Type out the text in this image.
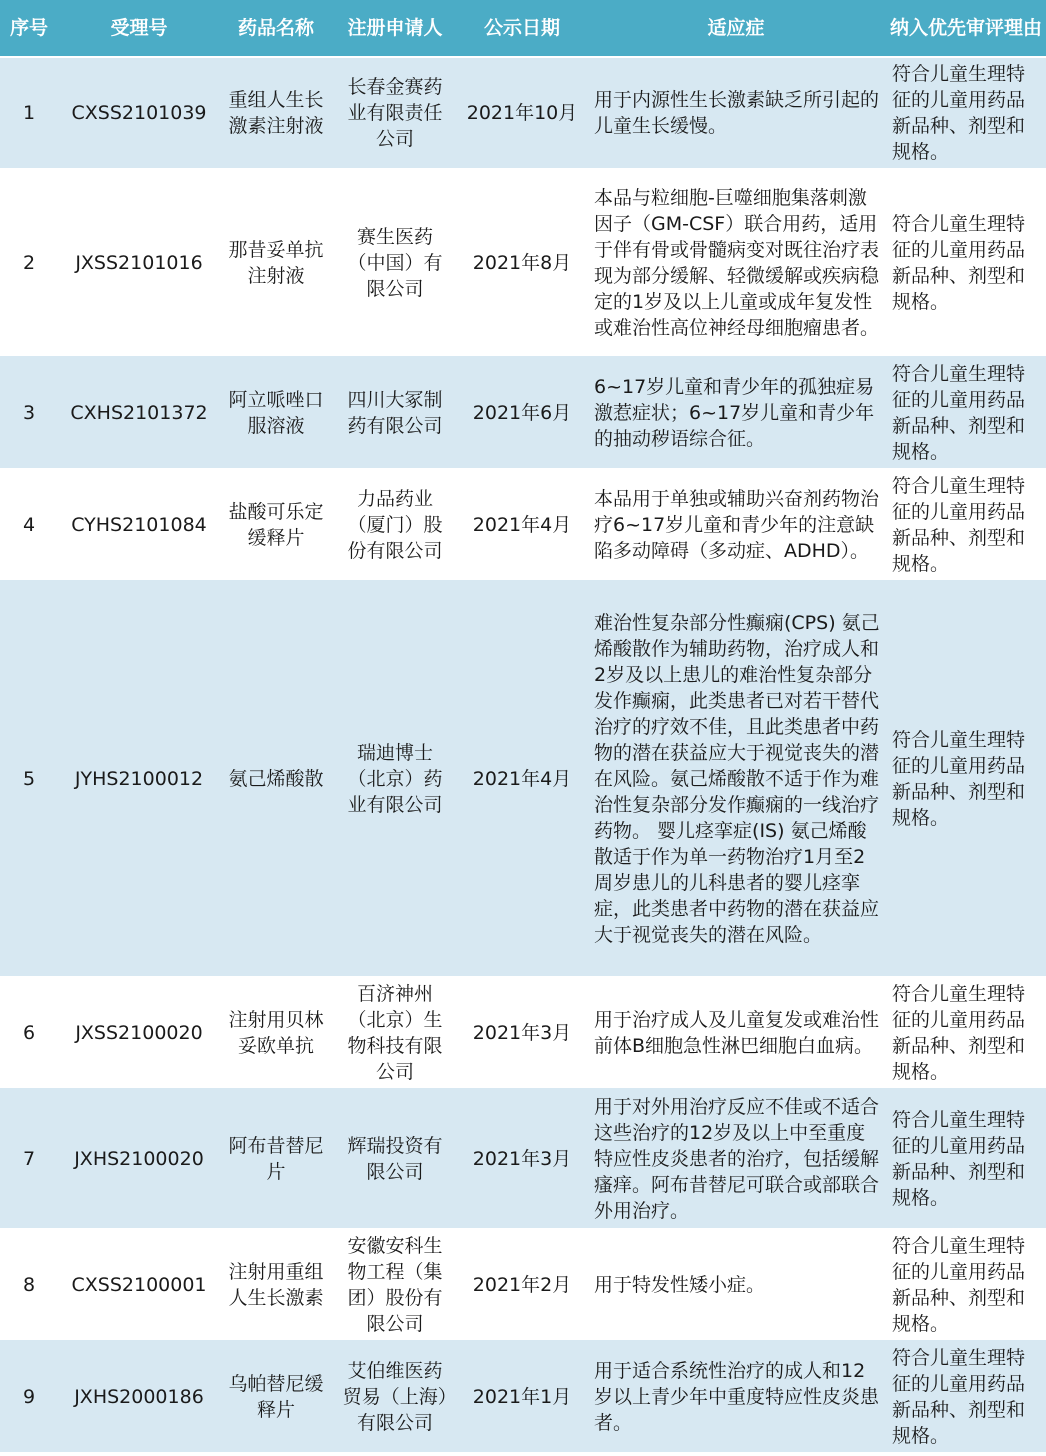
序号	受理号	药品名称	注册申请人	公示日期	适应症	纳入优先审评理由
1	CXSS2101039	重组人生长激素注射液	长春金赛药业有限责任公司	2021年10月	用于内源性生长激素缺乏所引起的儿童生长缓慢。	符合儿童生理特征的儿童用药品新品种、剂型和规格。
2	JXSS2101016	那昔妥单抗注射液	赛生医药（中国）有限公司	2021年8月	本品与粒细胞-巨噬细胞集落刺激因子（GM-CSF）联合用药，适用于伴有骨或骨髓病变对既往治疗表现为部分缓解、轻微缓解或疾病稳定的1岁及以上儿童或成年复发性或难治性高位神经母细胞瘤患者。	符合儿童生理特征的儿童用药品新品种、剂型和规格。
3	CXHS2101372	阿立哌唑口服溶液	四川大冢制药有限公司	2021年6月	6~17岁儿童和青少年的孤独症易激惹症状；6~17岁儿童和青少年的抽动秽语综合征。	符合儿童生理特征的儿童用药品新品种、剂型和规格。
4	CYHS2101084	盐酸可乐定缓释片	力品药业（厦门）股份有限公司	2021年4月	本品用于单独或辅助兴奋剂药物治疗6~17岁儿童和青少年的注意缺陷多动障碍（多动症、ADHD）。	符合儿童生理特征的儿童用药品新品种、剂型和规格。
5	JYHS2100012	氨己烯酸散	瑞迪博士（北京）药业有限公司	2021年4月	难治性复杂部分性癫痫(CPS) 氨己烯酸散作为辅助药物，治疗成人和2岁及以上患儿的难治性复杂部分发作癫痫，此类患者已对若干替代治疗的疗效不佳，且此类患者中药物的潜在获益应大于视觉丧失的潜在风险。氨己烯酸散不适于作为难治性复杂部分发作癫痫的一线治疗药物。 婴儿痉挛症(IS) 氨己烯酸散适于作为单一药物治疗1月至2周岁患儿的儿科患者的婴儿痉挛症，此类患者中药物的潜在获益应大于视觉丧失的潜在风险。	符合儿童生理特征的儿童用药品新品种、剂型和规格。
6	JXSS2100020	注射用贝林妥欧单抗	百济神州（北京）生物科技有限公司	2021年3月	用于治疗成人及儿童复发或难治性前体B细胞急性淋巴细胞白血病。	符合儿童生理特征的儿童用药品新品种、剂型和规格。
7	JXHS2100020	阿布昔替尼片	辉瑞投资有限公司	2021年3月	用于对外用治疗反应不佳或不适合这些治疗的12岁及以上中至重度特应性皮炎患者的治疗，包括缓解瘙痒。阿布昔替尼可联合或部联合外用治疗。	符合儿童生理特征的儿童用药品新品种、剂型和规格。
8	CXSS2100001	注射用重组人生长激素	安徽安科生物工程（集团）股份有限公司	2021年2月	用于特发性矮小症。	符合儿童生理特征的儿童用药品新品种、剂型和规格。
9	JXHS2000186	乌帕替尼缓释片	艾伯维医药贸易（上海）有限公司	2021年1月	用于适合系统性治疗的成人和12岁以上青少年中重度特应性皮炎患者。	符合儿童生理特征的儿童用药品新品种、剂型和规格。
